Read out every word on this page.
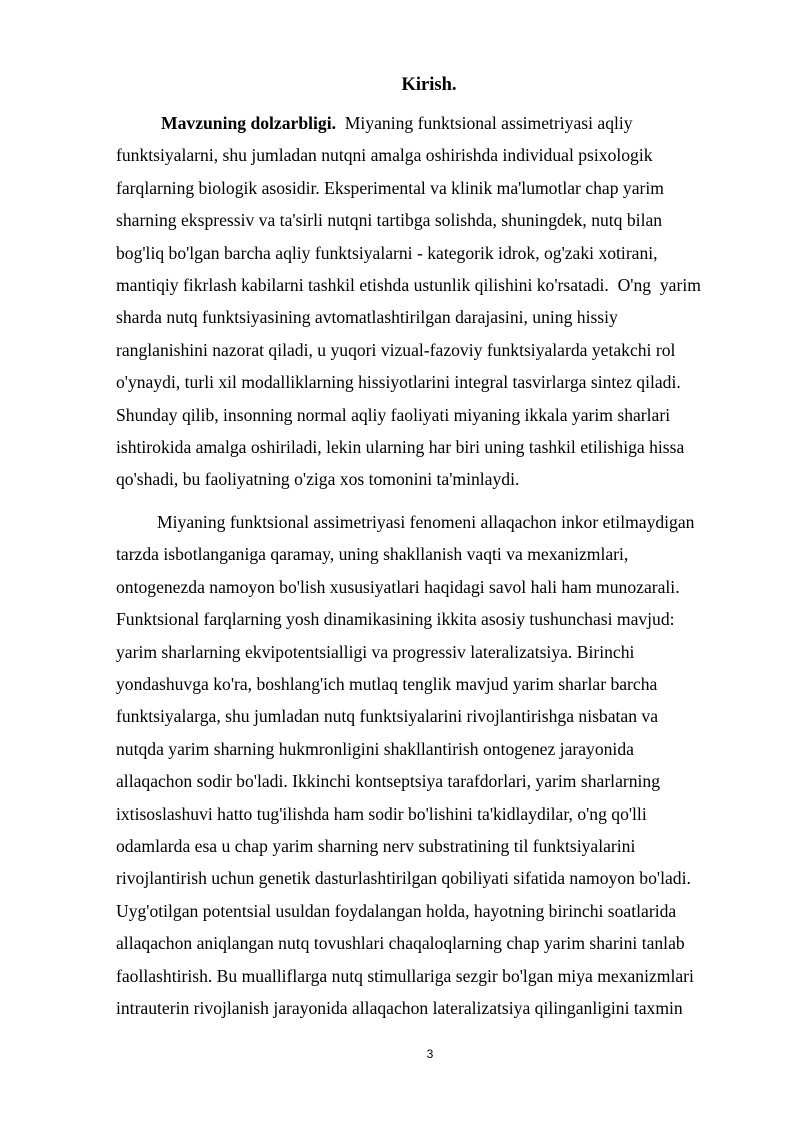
Kirish.
Mavzuning dolzarbligi.  Miyaning funktsional assimetriyasi aqliy
funktsiyalarni, shu jumladan nutqni amalga oshirishda individual psixologik
farqlarning biologik asosidir. Eksperimental va klinik ma'lumotlar chap yarim
sharning ekspressiv va ta'sirli nutqni tartibga solishda, shuningdek, nutq bilan
bog'liq bo'lgan barcha aqliy funktsiyalarni - kategorik idrok, og'zaki xotirani,
mantiqiy fikrlash kabilarni tashkil etishda ustunlik qilishini ko'rsatadi.  O'ng  yarim
sharda nutq funktsiyasining avtomatlashtirilgan darajasini, uning hissiy
ranglanishini nazorat qiladi, u yuqori vizual-fazoviy funktsiyalarda yetakchi rol
o'ynaydi, turli xil modalliklarning hissiyotlarini integral tasvirlarga sintez qiladi.
Shunday qilib, insonning normal aqliy faoliyati miyaning ikkala yarim sharlari
ishtirokida amalga oshiriladi, lekin ularning har biri uning tashkil etilishiga hissa
qo'shadi, bu faoliyatning o'ziga xos tomonini ta'minlaydi.
Miyaning funktsional assimetriyasi fenomeni allaqachon inkor etilmaydigan
tarzda isbotlanganiga qaramay, uning shakllanish vaqti va mexanizmlari,
ontogenezda namoyon bo'lish xususiyatlari haqidagi savol hali ham munozarali.
Funktsional farqlarning yosh dinamikasining ikkita asosiy tushunchasi mavjud:
yarim sharlarning ekvipotentsialligi va progressiv lateralizatsiya. Birinchi
yondashuvga ko'ra, boshlang'ich mutlaq tenglik mavjud yarim sharlar barcha
funktsiyalarga, shu jumladan nutq funktsiyalarini rivojlantirishga nisbatan va
nutqda yarim sharning hukmronligini shakllantirish ontogenez jarayonida
allaqachon sodir bo'ladi. Ikkinchi kontseptsiya tarafdorlari, yarim sharlarning
ixtisoslashuvi hatto tug'ilishda ham sodir bo'lishini ta'kidlaydilar, o'ng qo'lli
odamlarda esa u chap yarim sharning nerv substratining til funktsiyalarini
rivojlantirish uchun genetik dasturlashtirilgan qobiliyati sifatida namoyon bo'ladi.
Uyg'otilgan potentsial usuldan foydalangan holda, hayotning birinchi soatlarida
allaqachon aniqlangan nutq tovushlari chaqaloqlarning chap yarim sharini tanlab
faollashtirish. Bu mualliflarga nutq stimullariga sezgir bo'lgan miya mexanizmlari
intrauterin rivojlanish jarayonida allaqachon lateralizatsiya qilinganligini taxmin
3
